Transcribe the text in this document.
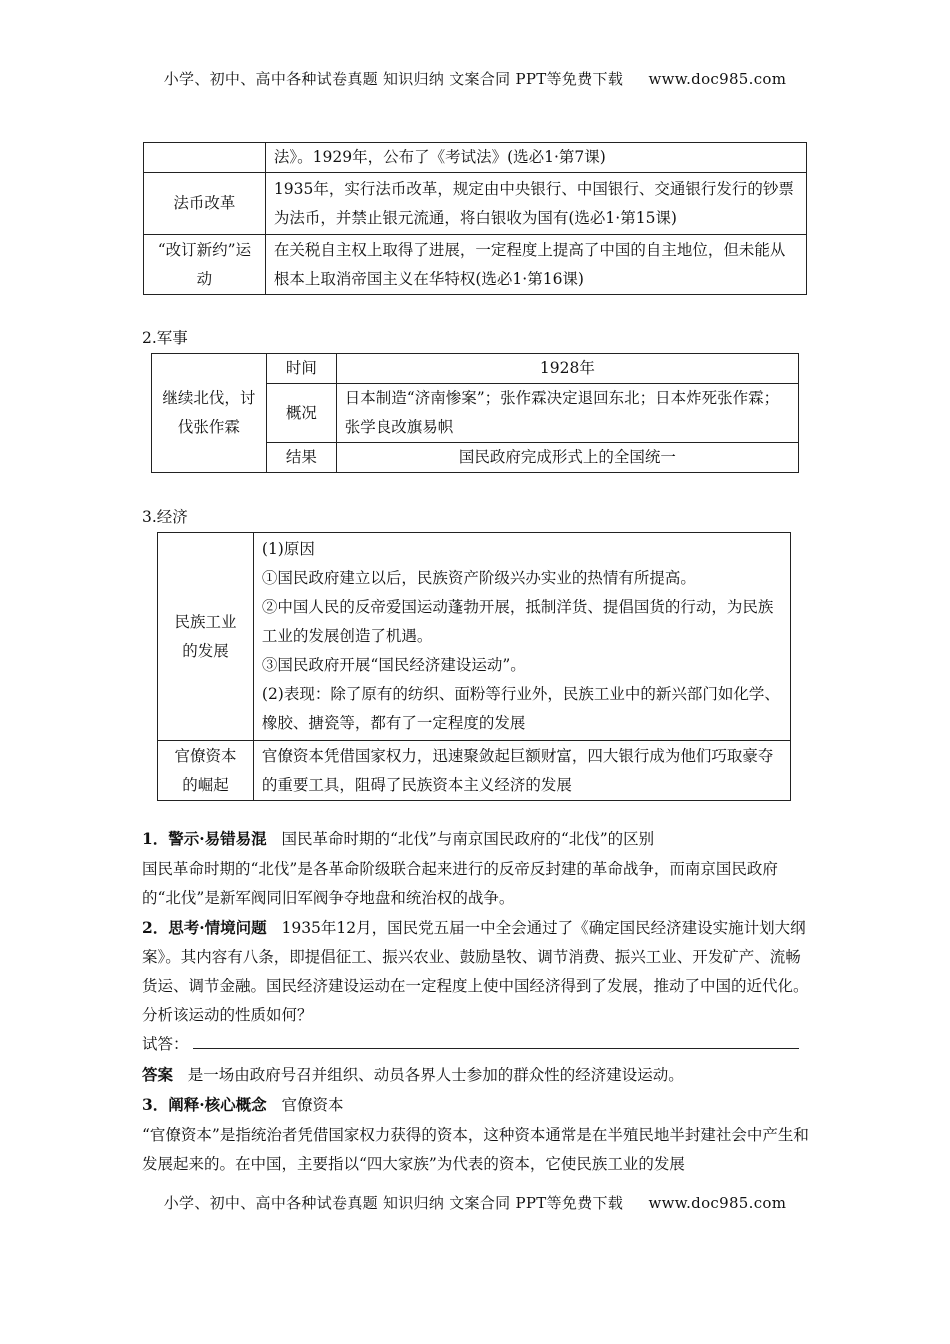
小学、初中、高中各种试卷真题 知识归纳 文案合同 PPT等免费下载 www.doc985.com
	法》。1929年，公布了《考试法》(选必1·第7课)
法币改革	1935年，实行法币改革，规定由中央银行、中国银行、交通银行发行的钞票为法币，并禁止银元流通，将白银收为国有(选必1·第15课)
“改订新约”运动	在关税自主权上取得了进展，一定程度上提高了中国的自主地位，但未能从根本上取消帝国主义在华特权(选必1·第16课)
2.军事
继续北伐，讨伐张作霖	时间	1928年
	概况	日本制造“济南惨案”；张作霖决定退回东北；日本炸死张作霖；张学良改旗易帜
	结果	国民政府完成形式上的全国统一
3.经济
民族工业的发展	(1)原因
①国民政府建立以后，民族资产阶级兴办实业的热情有所提高。
②中国人民的反帝爱国运动蓬勃开展，抵制洋货、提倡国货的行动，为民族工业的发展创造了机遇。
③国民政府开展“国民经济建设运动”。
(2)表现：除了原有的纺织、面粉等行业外，民族工业中的新兴部门如化学、橡胶、搪瓷等，都有了一定程度的发展

官僚资本的崛起	官僚资本凭借国家权力，迅速聚敛起巨额财富，四大银行成为他们巧取豪夺的重要工具，阻碍了民族资本主义经济的发展
1．警示·易错易混 国民革命时期的“北伐”与南京国民政府的“北伐”的区别
国民革命时期的“北伐”是各革命阶级联合起来进行的反帝反封建的革命战争，而南京国民政府的“北伐”是新军阀同旧军阀争夺地盘和统治权的战争。
2．思考·情境问题 1935年12月，国民党五届一中全会通过了《确定国民经济建设实施计划大纲案》。其内容有八条，即提倡征工、振兴农业、鼓励垦牧、调节消费、振兴工业、开发矿产、流畅货运、调节金融。国民经济建设运动在一定程度上使中国经济得到了发展，推动了中国的近代化。分析该运动的性质如何？
试答：
答案 是一场由政府号召并组织、动员各界人士参加的群众性的经济建设运动。
3．阐释·核心概念 官僚资本
“官僚资本”是指统治者凭借国家权力获得的资本，这种资本通常是在半殖民地半封建社会中产生和发展起来的。在中国，主要指以“四大家族”为代表的资本，它使民族工业的发展
小学、初中、高中各种试卷真题 知识归纳 文案合同 PPT等免费下载 www.doc985.com
